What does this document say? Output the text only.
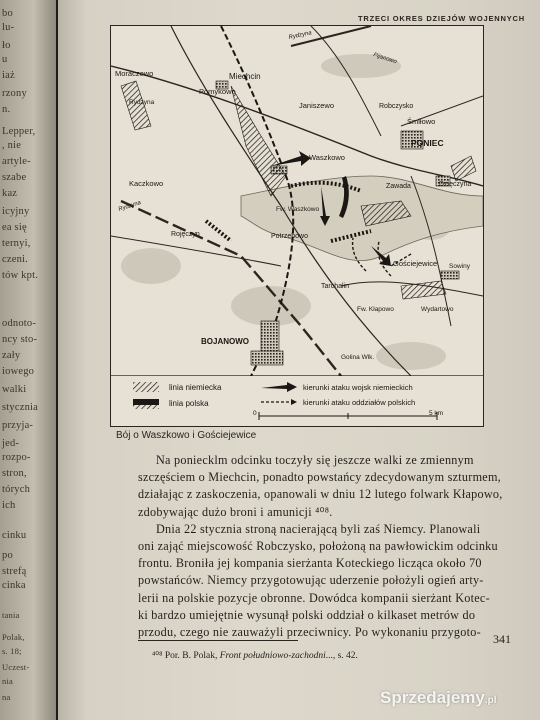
bo
lu-
ło
u
iaż
rzony
n.
Lepper,
, nie
artyle-
szabe
kaz
icyjny
ea się
ternyi,
czeni.
tów kpt.
odnoto-
ncy sto-
zały
iowego
walki
stycznia
przyja-
jed-
rozpo-
stron,
tórych
ich
cinku
po
strefą
cinka
tania
Polak,
s. 18;
Uczest-
nia
na
TRZECI OKRES DZIEJÓW WOJENNYCH
Moraczewo	Miechcin
Pomykowo
Rydzyna	Janiszewo	Robczysko
Śmiłowo
PONIEC
Waszkowo
Zawada	Dzięczyna
Kaczkowo
Fw. Waszkowo
Rojęczyn	Potrzebowo
Gościejewice
Tarchalin
Fw. Kłapowo
Sowiny
Wydartowo
BOJANOWO
Golina Wlk.
Pijanowo
Rydzyna
Rydzyna
linia niemiecka
linia polska
kierunki ataku wojsk niemieckich
kierunki ataku oddziałów polskich
0	5 km
Bój o Waszkowo i Gościejewice

Na poniecklm odcinku toczyły się jeszcze walki ze zmiennym
szczęściem o Miechcin, ponadto powstańcy zdecydowanym szturmem,
działając z zaskoczenia, opanowali w dniu 12 lutego folwark Kłapowo,
zdobywając dużo broni i amunicji ⁴⁰⁸.

Dnia 22 stycznia stroną nacierającą byli zaś Niemcy. Planowali
oni zająć miejscowość Robczysko, położoną na pawłowickim odcinku
frontu. Broniła jej kompania sierżanta Koteckiego licząca około 70
powstańców. Niemcy przygotowując uderzenie położyli ogień arty-
lerii na polskie pozycje obronne. Dowódca kompanii sierżant Kotec-
ki bardzo umiejętnie wysunął polski oddział o kilkaset metrów do
przodu, czego nie zauważyli przeciwnicy. Po wykonaniu przygoto-	341
⁴⁰⁸ Por. B. Polak, Front południowo-zachodni..., s. 42.
Sprzedajemy.pl
